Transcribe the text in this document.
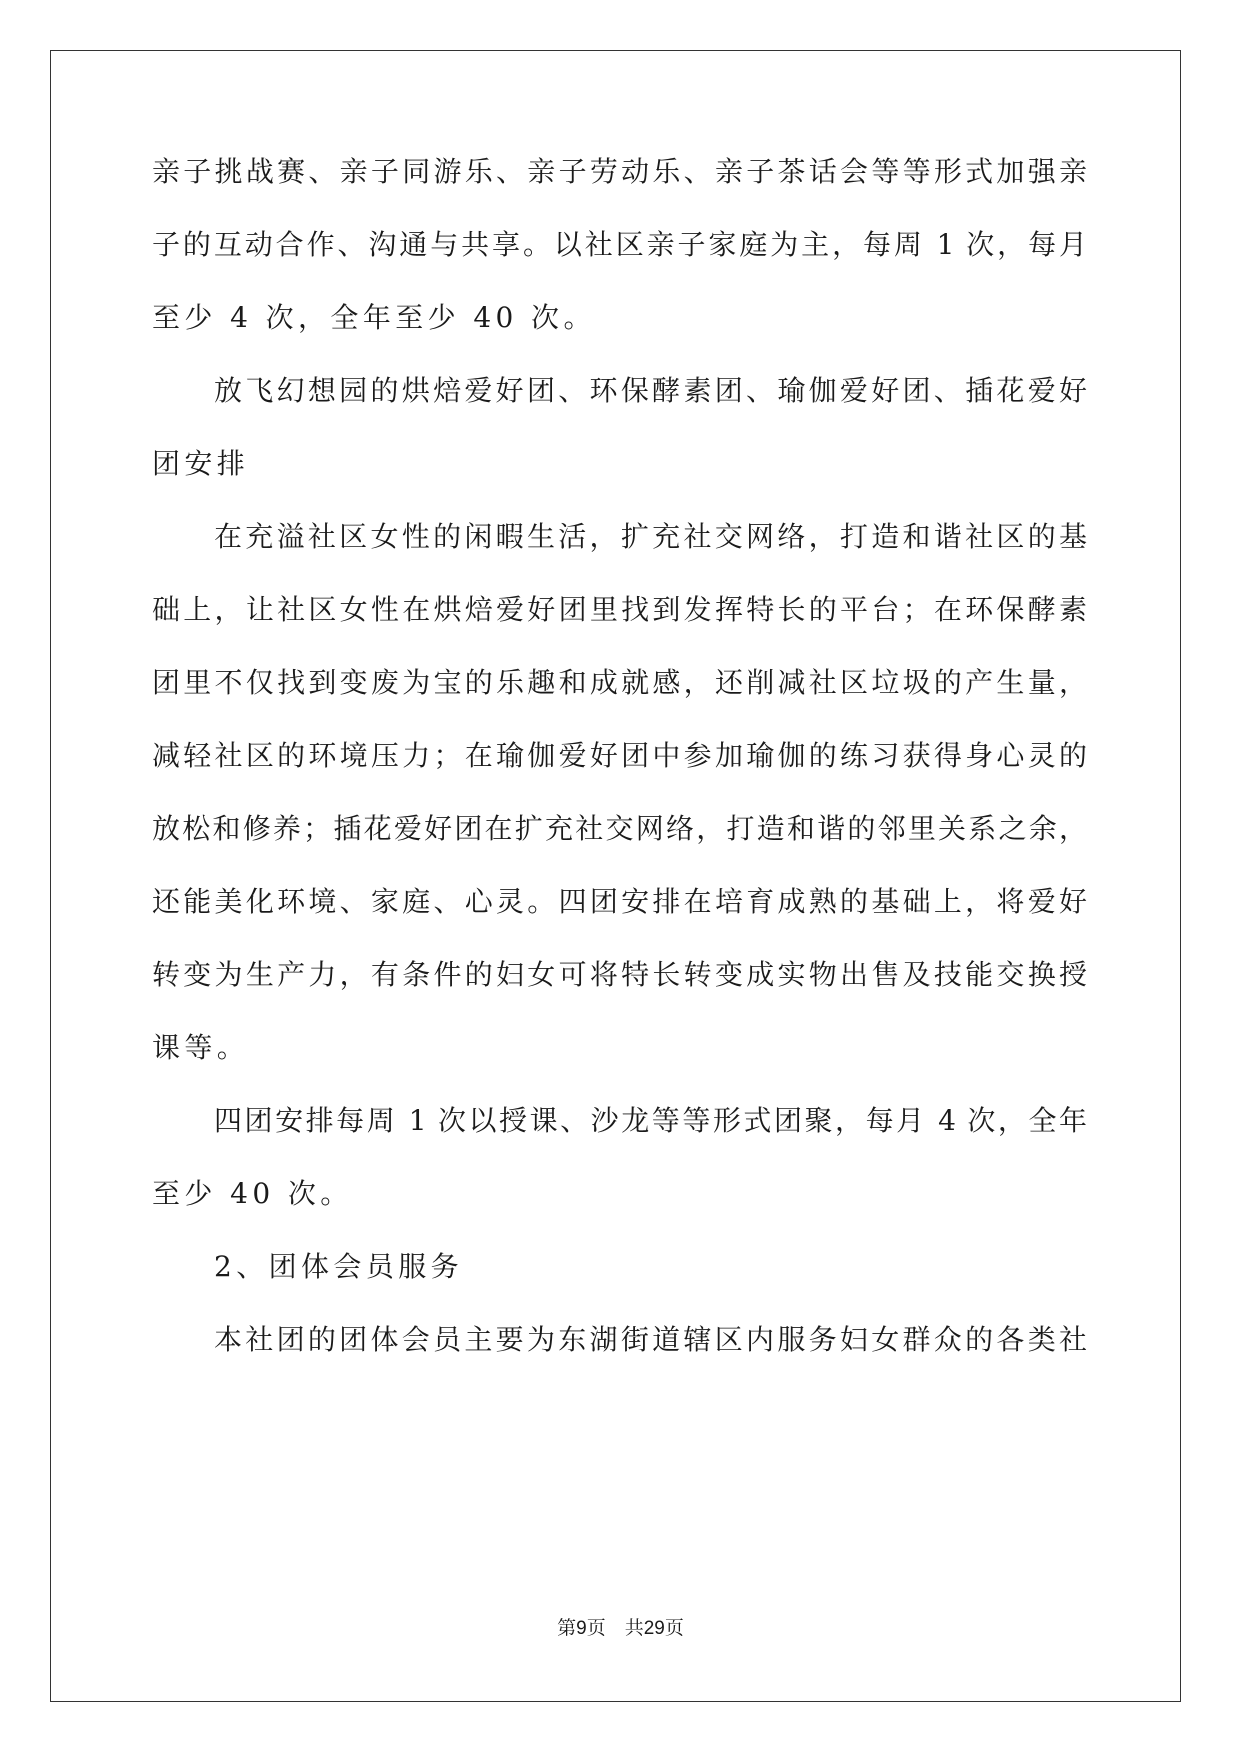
亲子挑战赛、亲子同游乐、亲子劳动乐、亲子茶话会等等形式加强亲
子的互动合作、沟通与共享。以社区亲子家庭为主，每周 1 次，每月
至少 4 次，全年至少 40 次。
放飞幻想园的烘焙爱好团、环保酵素团、瑜伽爱好团、插花爱好
团安排
在充溢社区女性的闲暇生活，扩充社交网络，打造和谐社区的基
础上，让社区女性在烘焙爱好团里找到发挥特长的平台；在环保酵素
团里不仅找到变废为宝的乐趣和成就感，还削减社区垃圾的产生量，
减轻社区的环境压力；在瑜伽爱好团中参加瑜伽的练习获得身心灵的
放松和修养；插花爱好团在扩充社交网络，打造和谐的邻里关系之余，
还能美化环境、家庭、心灵。四团安排在培育成熟的基础上，将爱好
转变为生产力，有条件的妇女可将特长转变成实物出售及技能交换授
课等。
四团安排每周 1 次以授课、沙龙等等形式团聚，每月 4 次，全年
至少 40 次。
2、团体会员服务
本社团的团体会员主要为东湖街道辖区内服务妇女群众的各类社
第9页　共29页
